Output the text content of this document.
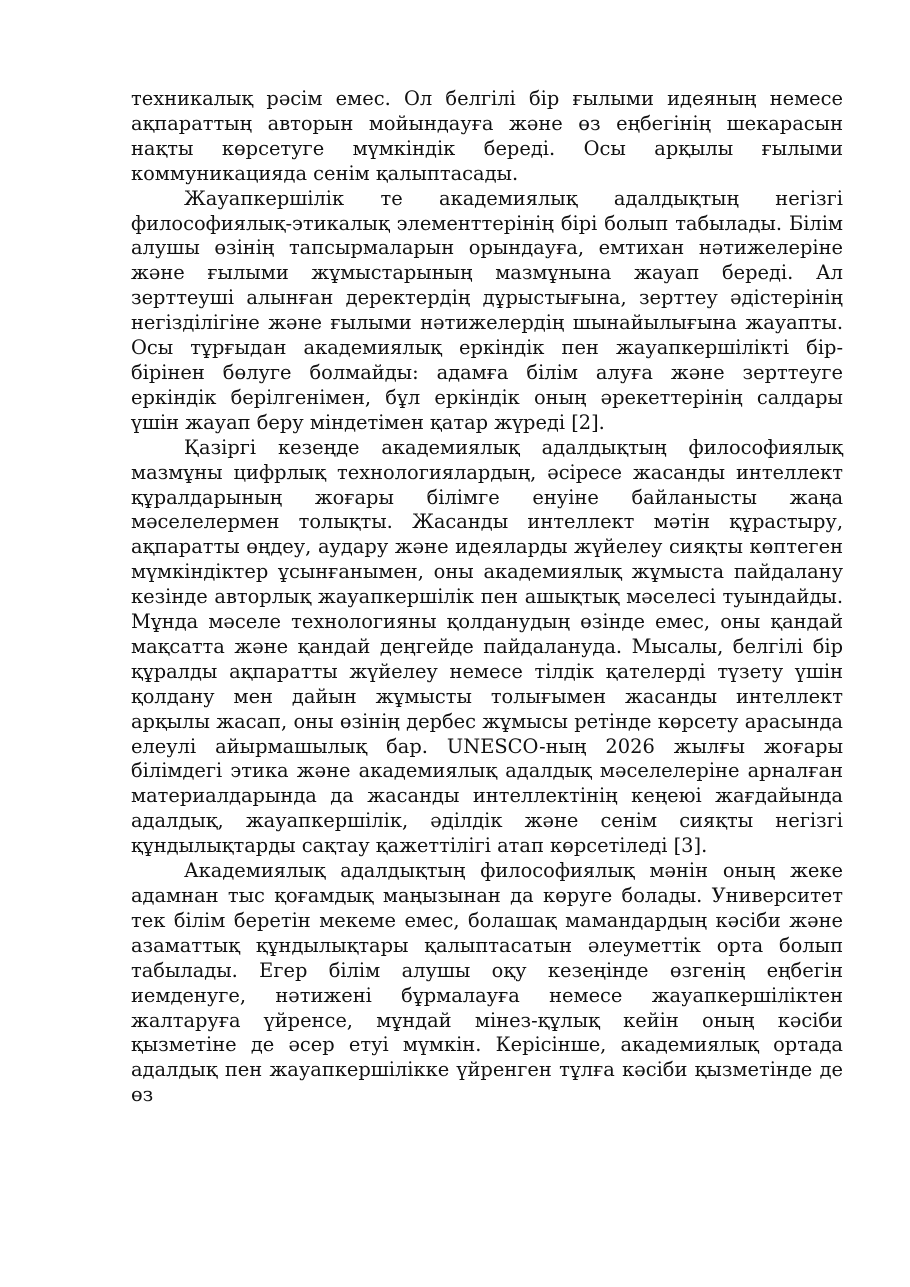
техникалық рәсім емес. Ол белгілі бір ғылыми идеяның немесе ақпараттың авторын мойындауға және өз еңбегінің шекарасын нақты көрсетуге мүмкіндік береді. Осы арқылы ғылыми коммуникацияда сенім қалыптасады.

Жауапкершілік те академиялық адалдықтың негізгі философиялық-этикалық элементтерінің бірі болып табылады. Білім алушы өзінің тапсырмаларын орындауға, емтихан нәтижелеріне және ғылыми жұмыстарының мазмұнына жауап береді. Ал зерттеуші алынған деректердің дұрыстығына, зерттеу әдістерінің негізділігіне және ғылыми нәтижелердің шынайылығына жауапты. Осы тұрғыдан академиялық еркіндік пен жауапкершілікті бір-бірінен бөлуге болмайды: адамға білім алуға және зерттеуге еркіндік берілгенімен, бұл еркіндік оның әрекеттерінің салдары үшін жауап беру міндетімен қатар жүреді [2].

Қазіргі кезеңде академиялық адалдықтың философиялық мазмұны цифрлық технологиялардың, әсіресе жасанды интеллект құралдарының жоғары білімге енуіне байланысты жаңа мәселелермен толықты. Жасанды интеллект мәтін құрастыру, ақпаратты өңдеу, аудару және идеяларды жүйелеу сияқты көптеген мүмкіндіктер ұсынғанымен, оны академиялық жұмыста пайдалану кезінде авторлық жауапкершілік пен ашықтық мәселесі туындайды. Мұнда мәселе технологияны қолданудың өзінде емес, оны қандай мақсатта және қандай деңгейде пайдалануда. Мысалы, белгілі бір құралды ақпаратты жүйелеу немесе тілдік қателерді түзету үшін қолдану мен дайын жұмысты толығымен жасанды интеллект арқылы жасап, оны өзінің дербес жұмысы ретінде көрсету арасында елеулі айырмашылық бар. UNESCO-ның 2026 жылғы жоғары білімдегі этика және академиялық адалдық мәселелеріне арналған материалдарында да жасанды интеллектінің кеңеюі жағдайында адалдық, жауапкершілік, әділдік және сенім сияқты негізгі құндылықтарды сақтау қажеттілігі атап көрсетіледі [3].

Академиялық адалдықтың философиялық мәнін оның жеке адамнан тыс қоғамдық маңызынан да көруге болады. Университет тек білім беретін мекеме емес, болашақ мамандардың кәсіби және азаматтық құндылықтары қалыптасатын әлеуметтік орта болып табылады. Егер білім алушы оқу кезеңінде өзгенің еңбегін иемденуге, нәтижені бұрмалауға немесе жауапкершіліктен жалтаруға үйренсе, мұндай мінез-құлық кейін оның кәсіби қызметіне де әсер етуі мүмкін. Керісінше, академиялық ортада адалдық пен жауапкершілікке үйренген тұлға кәсіби қызметінде де өз
